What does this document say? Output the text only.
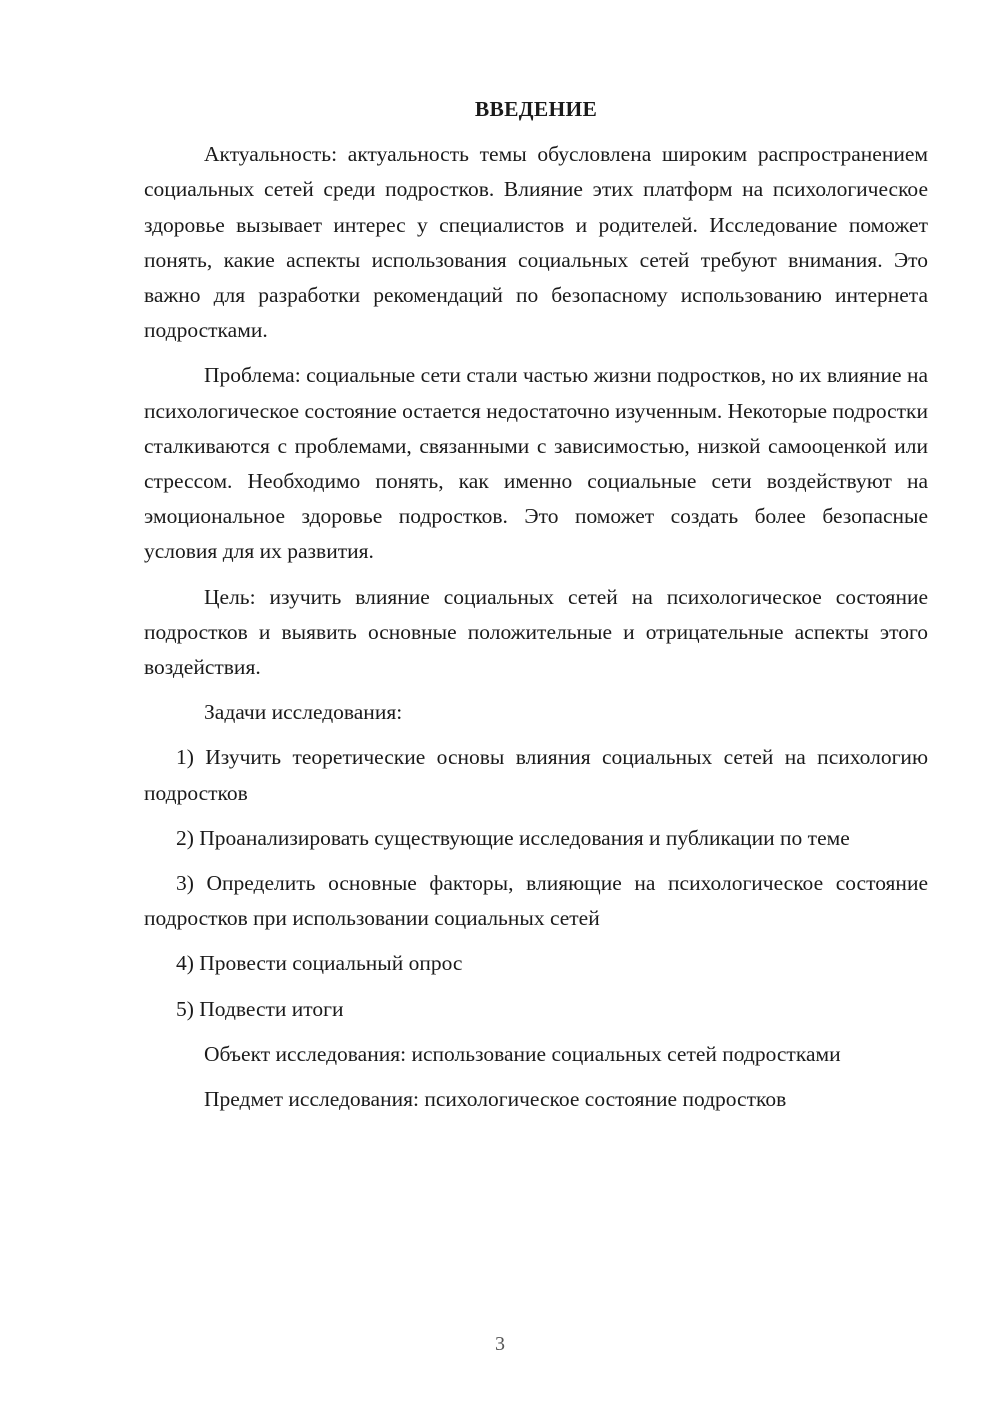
ВВЕДЕНИЕ

Актуальность: актуальность темы обусловлена широким распространением социальных сетей среди подростков. Влияние этих платформ на психологическое здоровье вызывает интерес у специалистов и родителей. Исследование поможет понять, какие аспекты использования социальных сетей требуют внимания. Это важно для разработки рекомендаций по безопасному использованию интернета подростками.

Проблема: социальные сети стали частью жизни подростков, но их влияние на психологическое состояние остается недостаточно изученным. Некоторые подростки сталкиваются с проблемами, связанными с зависимостью, низкой самооценкой или стрессом. Необходимо понять, как именно социальные сети воздействуют на эмоциональное здоровье подростков. Это поможет создать более безопасные условия для их развития.

Цель: изучить влияние социальных сетей на психологическое состояние подростков и выявить основные положительные и отрицательные аспекты этого воздействия.

Задачи исследования:

1) Изучить теоретические основы влияния социальных сетей на психологию подростков

2) Проанализировать существующие исследования и публикации по теме

3) Определить основные факторы, влияющие на психологическое состояние подростков при использовании социальных сетей

4) Провести социальный опрос

5) Подвести итоги

Объект исследования: использование социальных сетей подростками

Предмет исследования: психологическое состояние подростков

3
